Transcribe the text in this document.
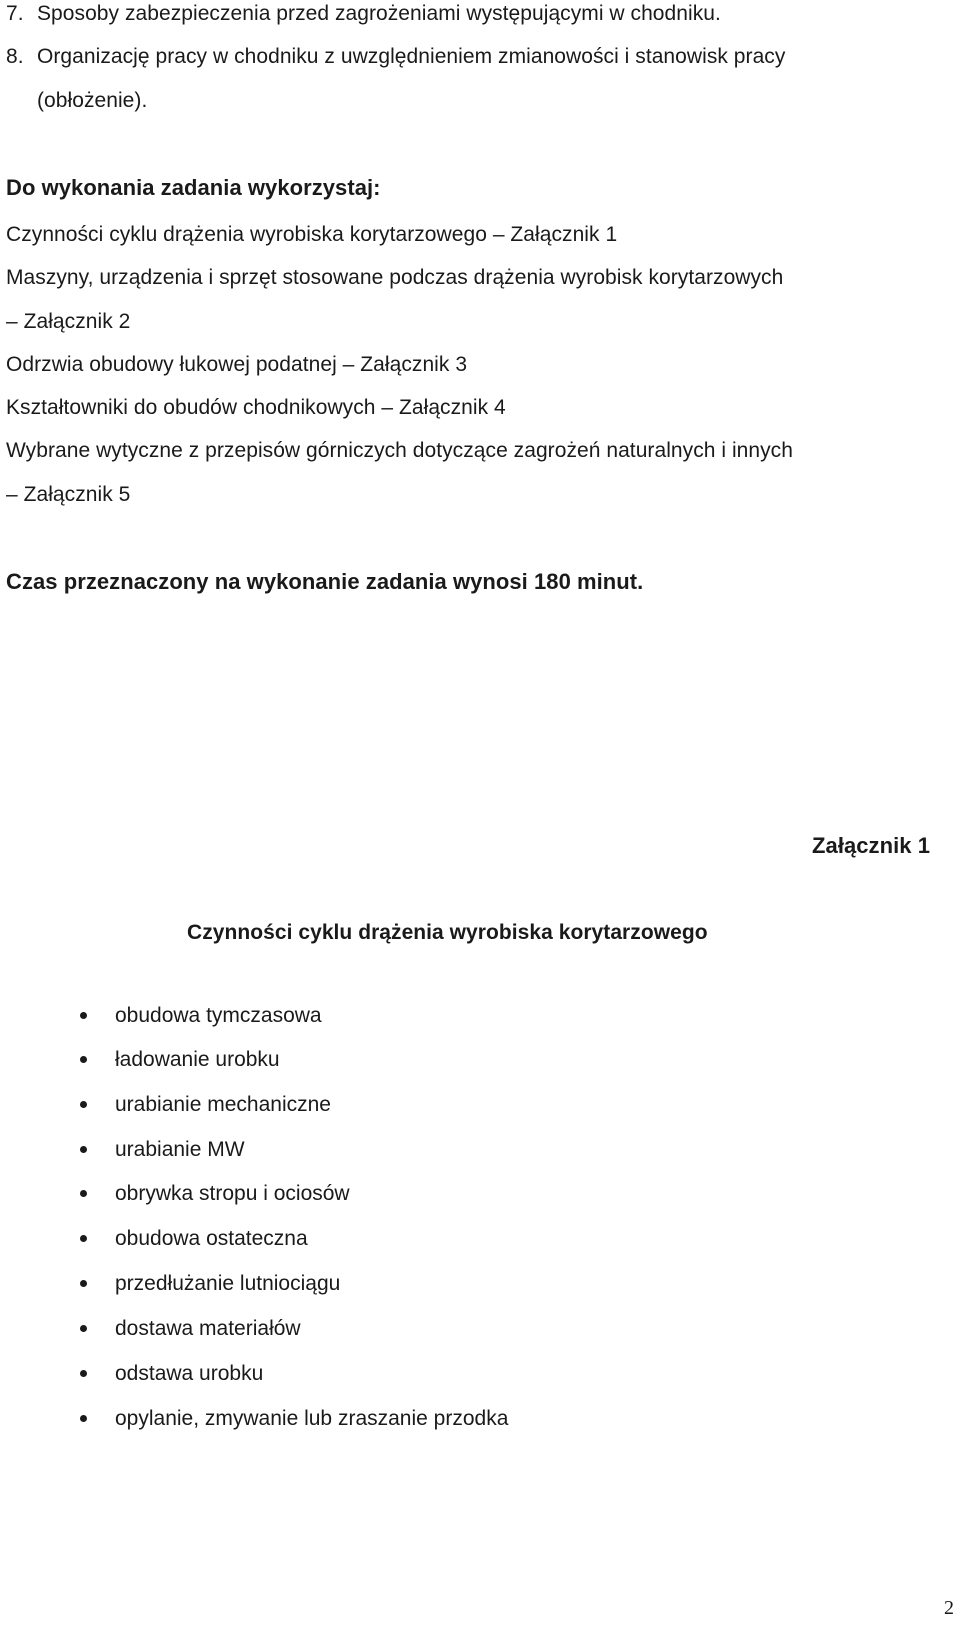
7. Sposoby zabezpieczenia przed zagrożeniami występującymi w chodniku.
8. Organizację pracy w chodniku z uwzględnieniem zmianowości i stanowisk pracy
(obłożenie).
Do wykonania zadania wykorzystaj:
Czynności cyklu drążenia wyrobiska korytarzowego – Załącznik 1
Maszyny, urządzenia i sprzęt stosowane podczas drążenia wyrobisk korytarzowych
– Załącznik 2
Odrzwia obudowy łukowej podatnej – Załącznik 3
Kształtowniki do obudów chodnikowych – Załącznik 4
Wybrane wytyczne z przepisów górniczych dotyczące zagrożeń naturalnych i innych
– Załącznik 5
Czas przeznaczony na wykonanie zadania wynosi 180 minut.
Załącznik 1
Czynności cyklu drążenia wyrobiska korytarzowego
obudowa tymczasowa
ładowanie urobku
urabianie mechaniczne
urabianie MW
obrywka stropu i ociosów
obudowa ostateczna
przedłużanie lutniociągu
dostawa materiałów
odstawa urobku
opylanie, zmywanie lub zraszanie przodka
2
